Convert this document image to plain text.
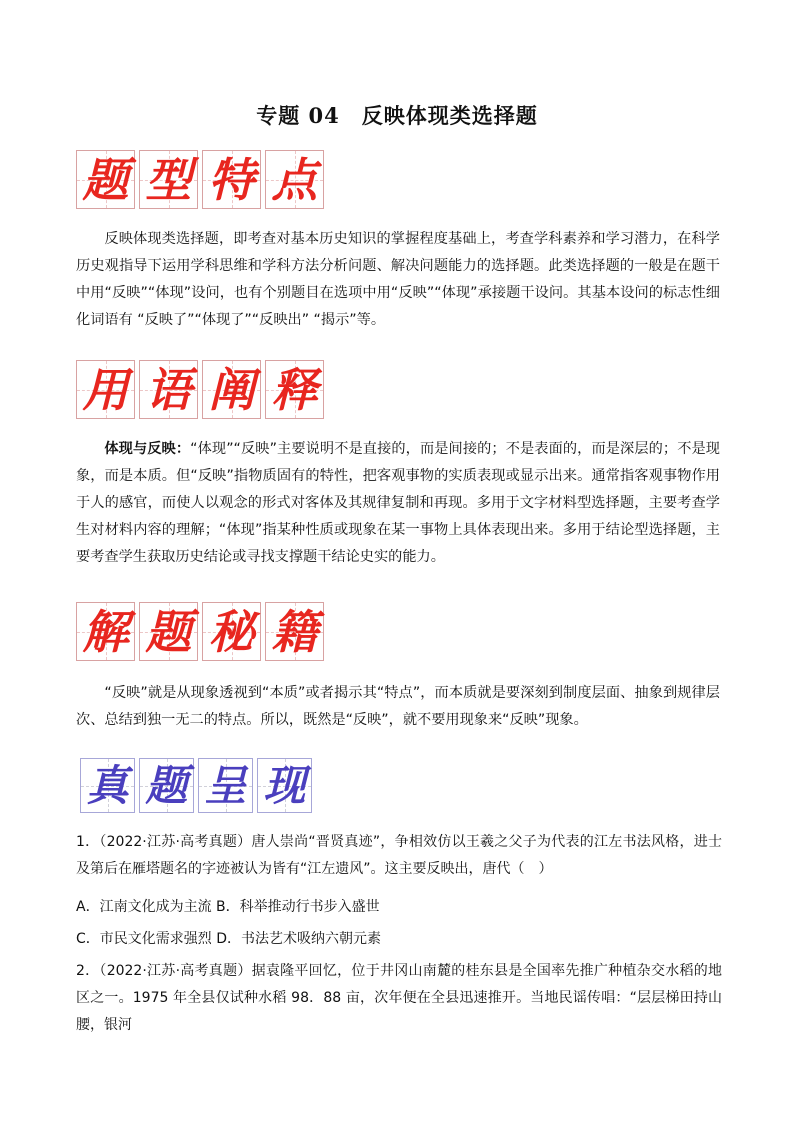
专题 04　反映体现类选择题
题 型 特 点
反映体现类选择题，即考查对基本历史知识的掌握程度基础上，考查学科素养和学习潜力，在科学历史观指导下运用学科思维和学科方法分析问题、解决问题能力的选择题。此类选择题的一般是在题干中用“反映”“体现”设问，也有个别题目在选项中用“反映”“体现”承接题干设问。其基本设问的标志性细化词语有 “反映了”“体现了”“反映出” “揭示”等。
用 语 阐 释
体现与反映：“体现”“反映”主要说明不是直接的，而是间接的；不是表面的，而是深层的；不是现象，而是本质。但“反映”指物质固有的特性，把客观事物的实质表现或显示出来。通常指客观事物作用于人的感官，而使人以观念的形式对客体及其规律复制和再现。多用于文字材料型选择题，主要考查学生对材料内容的理解；“体现”指某种性质或现象在某一事物上具体表现出来。多用于结论型选择题，主要考查学生获取历史结论或寻找支撑题干结论史实的能力。
解 题 秘 籍
“反映”就是从现象透视到“本质”或者揭示其“特点”，而本质就是要深刻到制度层面、抽象到规律层次、总结到独一无二的特点。所以，既然是“反映”，就不要用现象来“反映”现象。
真 题 呈 现
1．（2022·江苏·高考真题）唐人崇尚“晋贤真迹”，争相效仿以王羲之父子为代表的江左书法风格，进士及第后在雁塔题名的字迹被认为皆有“江左遗风”。这主要反映出，唐代（　）
A．江南文化成为主流 B．科举推动行书步入盛世
C．市民文化需求强烈 D．书法艺术吸纳六朝元素
2．（2022·江苏·高考真题）据袁隆平回忆，位于井冈山南麓的桂东县是全国率先推广种植杂交水稻的地区之一。1975 年全县仅试种水稻 98．88 亩，次年便在全县迅速推开。当地民谣传唱：“层层梯田持山腰，银河
